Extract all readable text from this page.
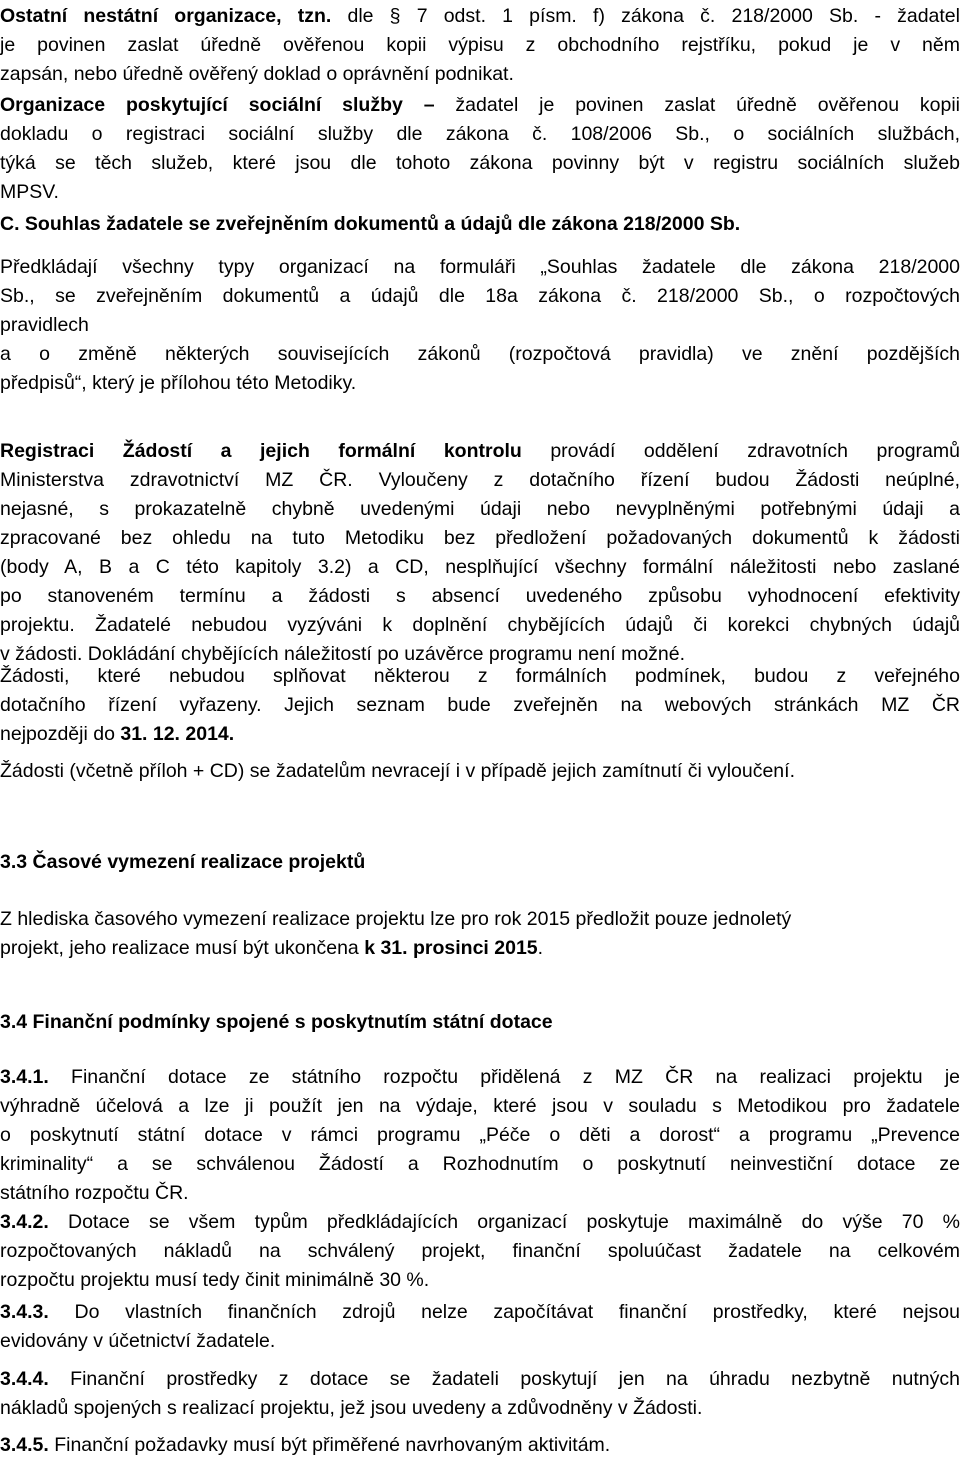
Ostatní nestátní organizace, tzn. dle § 7 odst. 1 písm. f) zákona č. 218/2000 Sb. - žadatel
je povinen zaslat úředně ověřenou kopii výpisu z obchodního rejstříku, pokud je v něm
zapsán, nebo úředně ověřený doklad o oprávnění podnikat.
Organizace poskytující sociální služby – žadatel je povinen zaslat úředně ověřenou kopii
dokladu o registraci sociální služby dle zákona č. 108/2006 Sb., o sociálních službách,
týká se těch služeb, které jsou dle tohoto zákona povinny být v registru sociálních služeb
MPSV.
C. Souhlas žadatele se zveřejněním dokumentů a údajů dle zákona 218/2000 Sb.
Předkládají všechny typy organizací na formuláři „Souhlas žadatele dle zákona 218/2000
Sb., se zveřejněním dokumentů a údajů dle 18a zákona č. 218/2000 Sb., o rozpočtových
pravidlech
a o změně některých souvisejících zákonů (rozpočtová pravidla) ve znění pozdějších
předpisů“, který je přílohou této Metodiky.
Registraci Žádostí a jejich formální kontrolu provádí oddělení zdravotních programů
Ministerstva zdravotnictví MZ ČR. Vyloučeny z dotačního řízení budou Žádosti neúplné,
nejasné, s prokazatelně chybně uvedenými údaji nebo nevyplněnými potřebnými údaji a
zpracované bez ohledu na tuto Metodiku bez předložení požadovaných dokumentů k žádosti
(body A, B a C této kapitoly 3.2) a CD, nesplňující všechny formální náležitosti nebo zaslané
po stanoveném termínu a žádosti s absencí uvedeného způsobu vyhodnocení efektivity
projektu. Žadatelé nebudou vyzýváni k doplnění chybějících údajů či korekci chybných údajů
v žádosti. Dokládání chybějících náležitostí po uzávěrce programu není možné.
Žádosti, které nebudou splňovat některou z formálních podmínek, budou z veřejného
dotačního řízení vyřazeny. Jejich seznam bude zveřejněn na webových stránkách MZ ČR
nejpozději do 31. 12. 2014.
Žádosti (včetně příloh + CD) se žadatelům nevracejí i v případě jejich zamítnutí či vyloučení.
3.3 Časové vymezení realizace projektů
Z hlediska časového vymezení realizace projektu lze pro rok 2015 předložit pouze jednoletý
projekt, jeho realizace musí být ukončena k 31. prosinci 2015.
3.4 Finanční podmínky spojené s poskytnutím státní dotace
3.4.1. Finanční dotace ze státního rozpočtu přidělená z MZ ČR na realizaci projektu je
výhradně účelová a lze ji použít jen na výdaje, které jsou v souladu s Metodikou pro žadatele
o poskytnutí státní dotace v rámci programu „Péče o děti a dorost“ a programu „Prevence
kriminality“ a se schválenou Žádostí a Rozhodnutím o poskytnutí neinvestiční dotace ze
státního rozpočtu ČR.
3.4.2. Dotace se všem typům předkládajících organizací poskytuje maximálně do výše 70 %
rozpočtovaných nákladů na schválený projekt, finanční spoluúčast žadatele na celkovém
rozpočtu projektu musí tedy činit minimálně 30 %.
3.4.3. Do vlastních finančních zdrojů nelze započítávat finanční prostředky, které nejsou
evidovány v účetnictví žadatele.
3.4.4. Finanční prostředky z dotace se žadateli poskytují jen na úhradu nezbytně nutných
nákladů spojených s realizací projektu, jež jsou uvedeny a zdůvodněny v Žádosti.
3.4.5. Finanční požadavky musí být přiměřené navrhovaným aktivitám.
